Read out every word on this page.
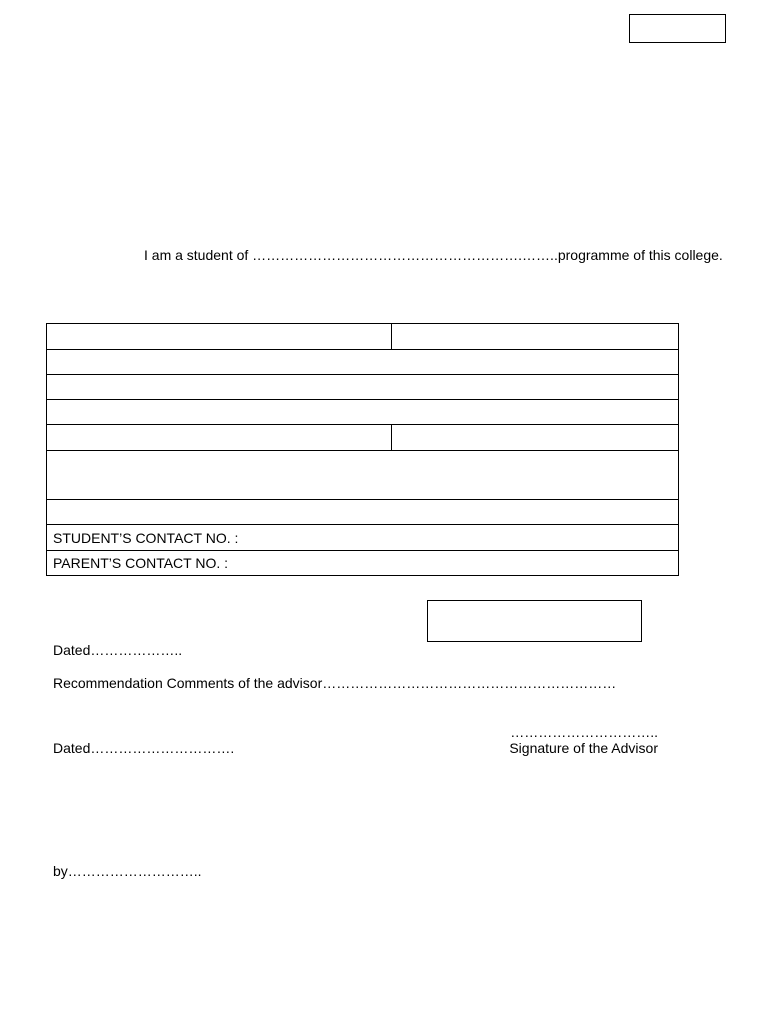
I am a student of ………………………………………………….……..programme of this college.

STUDENT’S CONTACT NO. :	
PARENT’S CONTACT NO. :	
Dated………………..
Recommendation Comments of the advisor………………………………………………………
…………………………..
Signature of the Advisor
Dated………………………….
by………………………..
